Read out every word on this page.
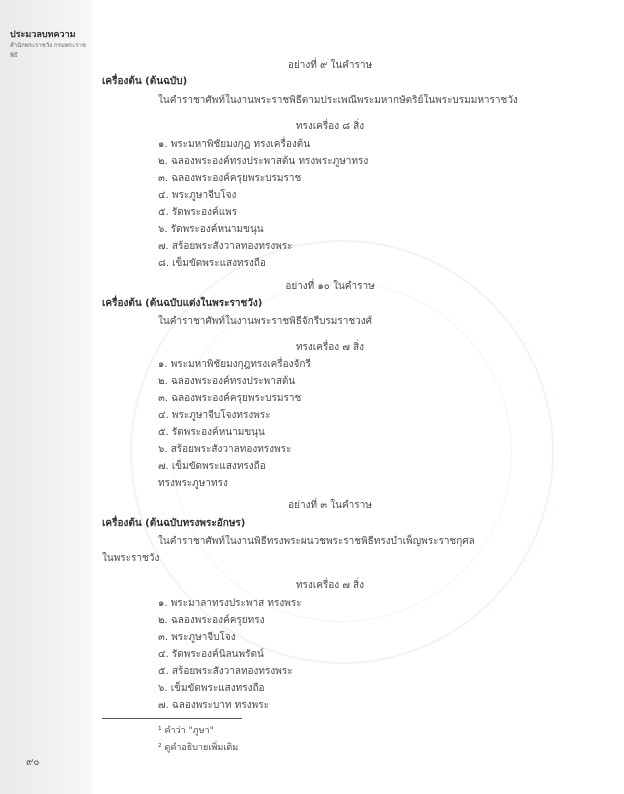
ประมวลบทความ
สำนักพระราชวัง กรมพระราชพิธี
๙๐
อย่างที่ ๙ ในคำราษ
เครื่องต้น (ต้นฉบับ)
ในคำราชาศัพท์ในงานพระราชพิธีตามประเพณีพระมหากษัตริย์ในพระบรมมหาราชวัง
ทรงเครื่อง ๘ สิ่ง
๑. พระมหาพิชัยมงกุฎ ทรงเครื่องต้น
๒. ฉลองพระองค์ทรงประพาสต้น ทรงพระภูษาทรง
๓. ฉลองพระองค์ครุยพระบรมราช
๔. พระภูษาจีบโจง
๕. รัดพระองค์แพร
๖. รัดพระองค์หนามขนุน
๗. สร้อยพระสังวาลทองทรงพระ
๘. เข็มขัดพระแสงทรงถือ
อย่างที่ ๑๐ ในคำราษ
เครื่องต้น (ต้นฉบับแต่งในพระราชวัง)
ในคำราชาศัพท์ในงานพระราชพิธีจักรีบรมราชวงศ์
ทรงเครื่อง ๗ สิ่ง
๑. พระมหาพิชัยมงกุฎทรงเครื่องจักรี
๒. ฉลองพระองค์ทรงประพาสต้น
๓. ฉลองพระองค์ครุยพระบรมราช
๔. พระภูษาจีบโจงทรงพระ
๕. รัดพระองค์หนามขนุน
๖. สร้อยพระสังวาลทองทรงพระ
๗. เข็มขัดพระแสงทรงถือ
ทรงพระภูษาทรง
อย่างที่ ๓ ในคำราษ
เครื่องต้น (ต้นฉบับทรงพระอักษร)
ในคำราชาศัพท์ในงานพิธีทรงพระผนวชพระราชพิธีทรงบำเพ็ญพระราชกุศล
ในพระราชวัง
ทรงเครื่อง ๗ สิ่ง
๑. พระมาลาทรงประพาส ทรงพระ
๒. ฉลองพระองค์ครุยทรง
๓. พระภูษาจีบโจง
๔. รัดพระองค์นิลนพรัตน์
๕. สร้อยพระสังวาลทองทรงพระ
๖. เข็มขัดพระแสงทรงถือ
๗. ฉลองพระบาท ทรงพระ
¹ คำว่า "ภูษา"
² ดูคำอธิบายเพิ่มเติม
